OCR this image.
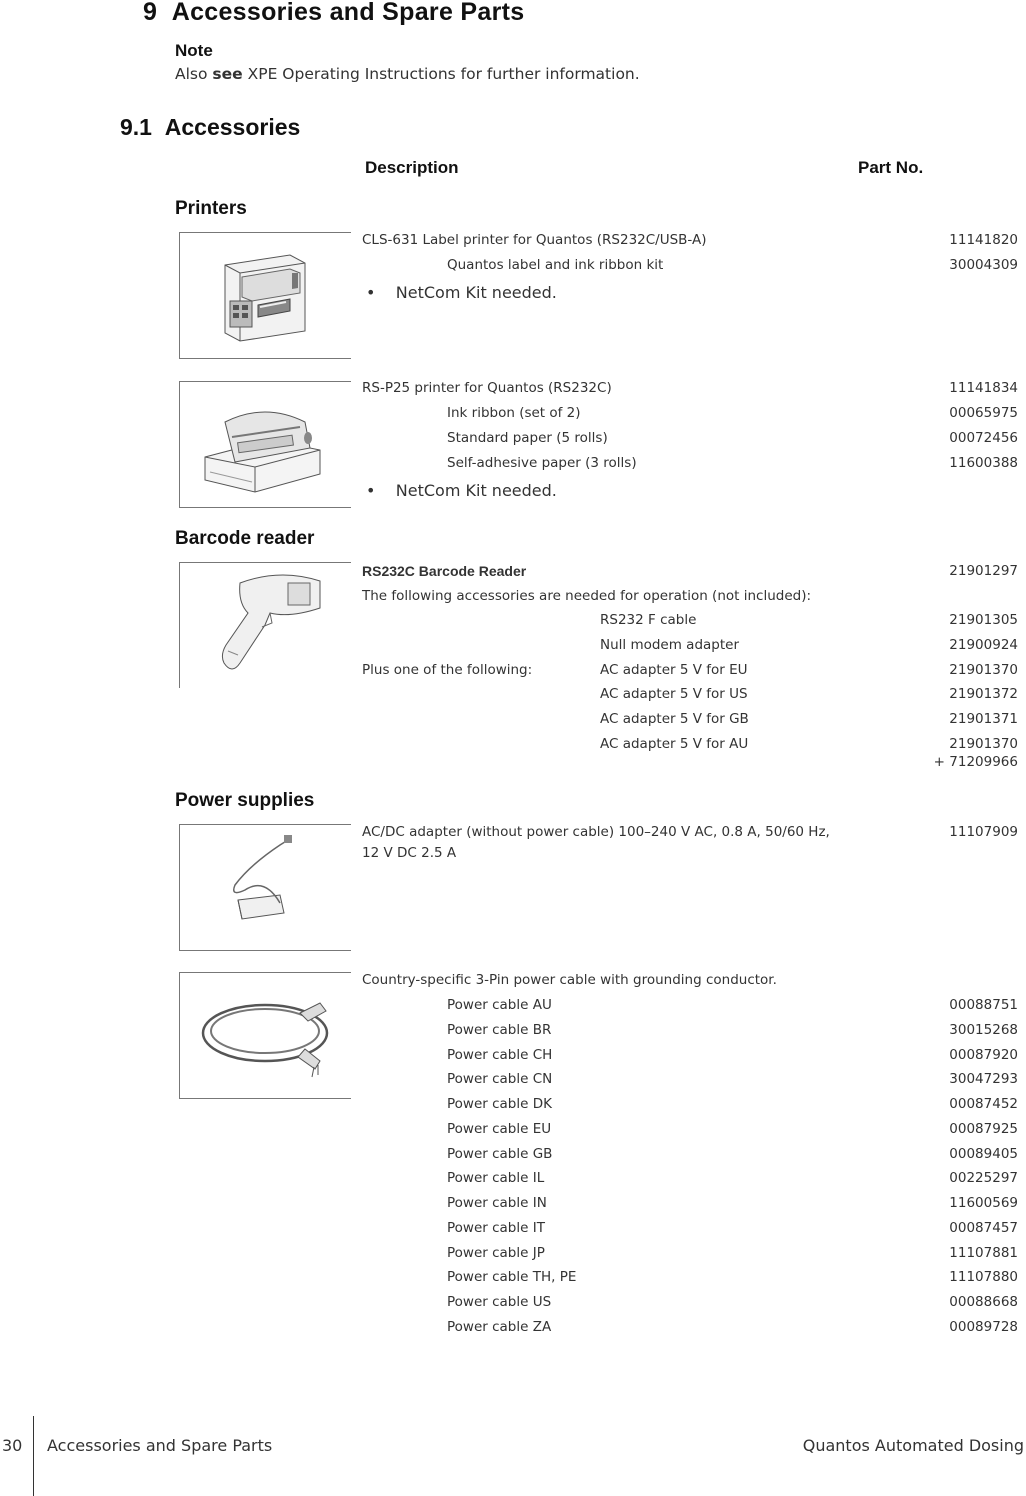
9 Accessories and Spare Parts
Note
Also see XPE Operating Instructions for further information.
9.1 Accessories
Description	Part No.
Printers
CLS-631 Label printer for Quantos (RS232C/USB-A)	11141820
Quantos label and ink ribbon kit	30004309
•    NetCom Kit needed.
RS-P25 printer for Quantos (RS232C)	11141834
Ink ribbon (set of 2)	00065975
Standard paper (5 rolls)	00072456
Self-adhesive paper (3 rolls)	11600388
•    NetCom Kit needed.
Barcode reader
RS232C Barcode Reader	21901297
The following accessories are needed for operation (not included):
RS232 F cable	21901305
Null modem adapter	21900924
Plus one of the following:	AC adapter 5 V for EU	21901370
AC adapter 5 V for US	21901372
AC adapter 5 V for GB	21901371
AC adapter 5 V for AU	21901370
+ 71209966
Power supplies
AC/DC adapter (without power cable) 100–240 V AC, 0.8 A, 50/60 Hz,
12 V DC 2.5 A
11107909
Country-specific 3-Pin power cable with grounding conductor.
Power cable AU	00088751
Power cable BR	30015268
Power cable CH	00087920
Power cable CN	30047293
Power cable DK	00087452
Power cable EU	00087925
Power cable GB	00089405
Power cable IL	00225297
Power cable IN	11600569
Power cable IT	00087457
Power cable JP	11107881
Power cable TH, PE	11107880
Power cable US	00088668
Power cable ZA	00089728
30 Accessories and Spare Parts	Quantos Automated Dosing
